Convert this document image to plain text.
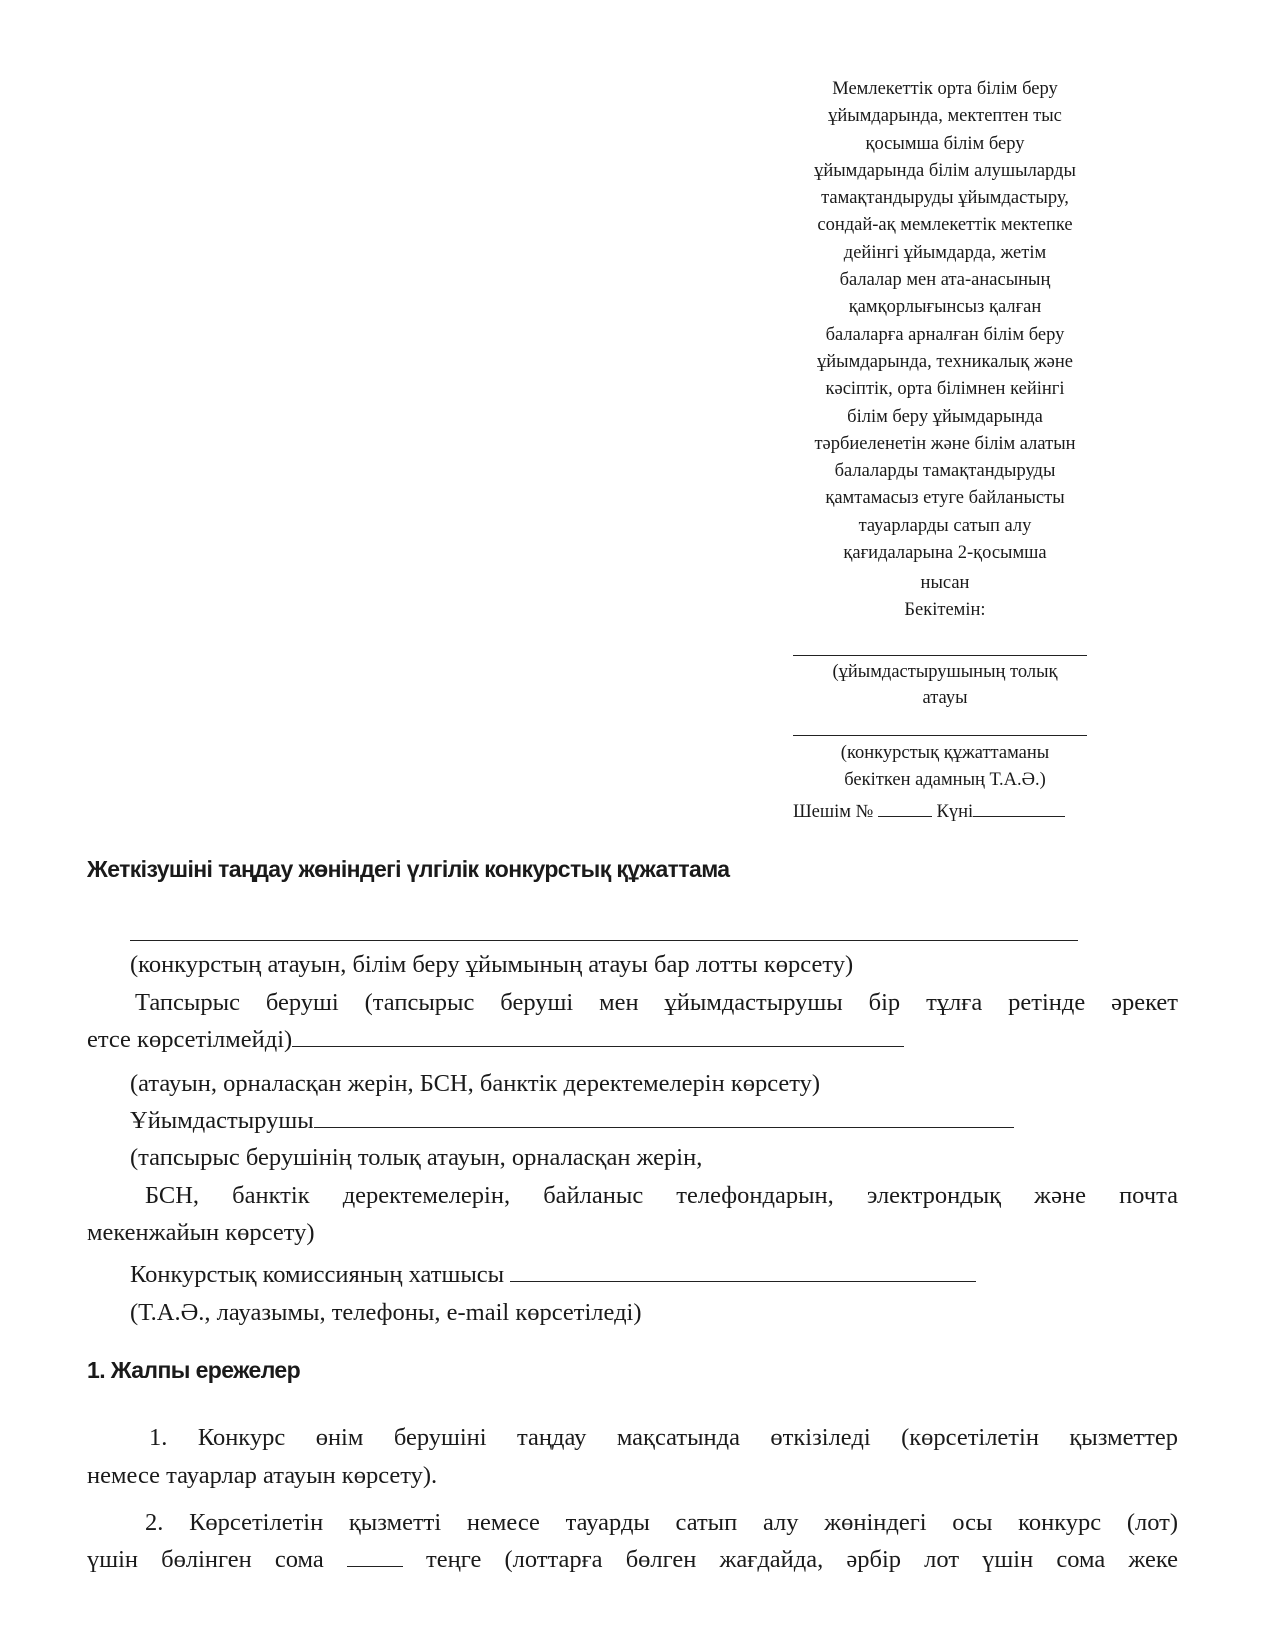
Мемлекеттік орта білім беру
ұйымдарында, мектептен тыс
қосымша білім беру
ұйымдарында білім алушыларды
тамақтандыруды ұйымдастыру,
сондай-ақ мемлекеттік мектепке
дейінгі ұйымдарда, жетім
балалар мен ата-анасының
қамқорлығынсыз қалған
балаларға арналған білім беру
ұйымдарында, техникалық және
кәсіптік, орта білімнен кейінгі
білім беру ұйымдарында
тәрбиеленетін және білім алатын
балаларды тамақтандыруды
қамтамасыз етуге байланысты
тауарларды сатып алу
қағидаларына 2-қосымша
нысан
Бекітемін:
(ұйымдастырушының толық
атауы
(конкурстық құжаттаманы
бекіткен адамның Т.А.Ә.)
Шешім №	Күні
Жеткізушіні таңдау жөніндегі үлгілік конкурстық құжаттама
(конкурстың атауын, білім беру ұйымының атауы бар лотты көрсету)
Тапсырыс беруші (тапсырыс беруші мен ұйымдастырушы бір тұлға ретінде әрекет
етсе көрсетілмейді)
(атауын, орналасқан жерін, БСН, банктік деректемелерін көрсету)
Ұйымдастырушы
(тапсырыс берушінің толық атауын, орналасқан жерін,
БСН, банктік деректемелерін, байланыс телефондарын, электрондық және почта
мекенжайын көрсету)
Конкурстық комиссияның хатшысы
(Т.А.Ә., лауазымы, телефоны, e-mail көрсетіледі)
1. Жалпы ережелер
1. Конкурс өнім берушіні таңдау мақсатында өткізіледі (көрсетілетін қызметтер
немесе тауарлар атауын көрсету).
2. Көрсетілетін қызметті немесе тауарды сатып алу жөніндегі осы конкурс (лот)
үшін бөлінген сома	теңге (лоттарға бөлген жағдайда, әрбір лот үшін сома жеке
